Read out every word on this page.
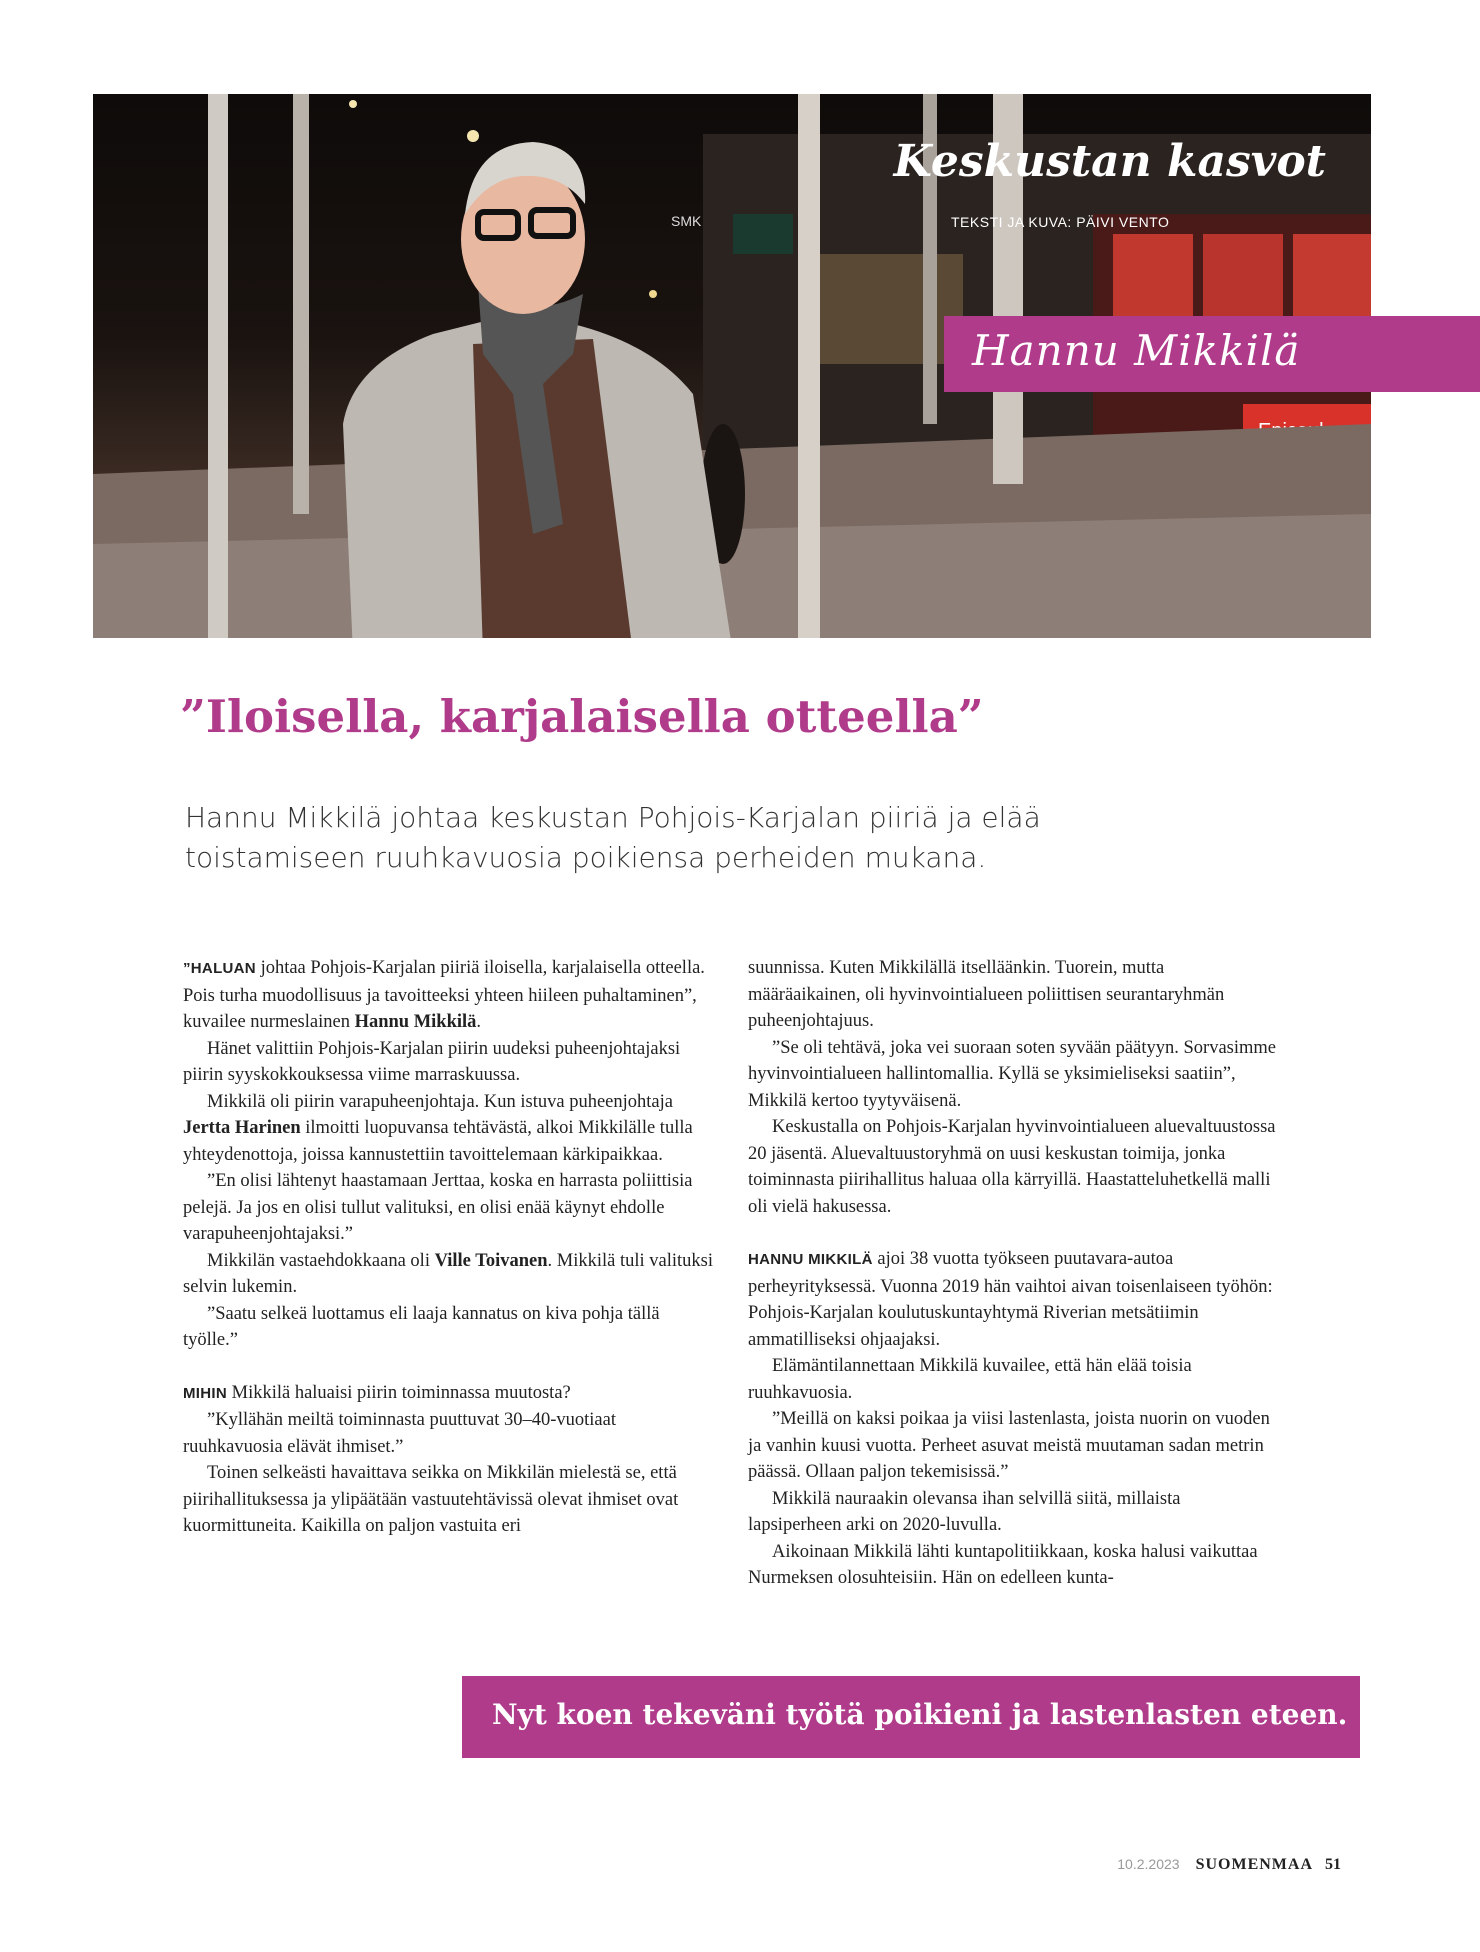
SMK
Keskustan kasvot
TEKSTI JA KUVA: PÄIVI VENTO
Hannu Mikkilä
”Iloisella, karjalaisella otteella”
Hannu Mikkilä johtaa keskustan Pohjois-Karjalan piiriä ja elää toistamiseen ruuhkavuosia poikiensa perheiden mukana.

”HALUAN johtaa Pohjois-Karjalan piiriä iloisella, karjalaisella otteella. Pois turha muodollisuus ja tavoitteeksi yhteen hiileen puhaltaminen”, kuvailee nurmeslainen Hannu Mikkilä.

Hänet valittiin Pohjois-Karjalan piirin uudeksi puheenjohtajaksi piirin syyskokkouksessa viime marraskuussa.

Mikkilä oli piirin varapuheenjohtaja. Kun istuva puheenjohtaja Jertta Harinen ilmoitti luopuvansa tehtävästä, alkoi Mikkilälle tulla yhteydenottoja, joissa kannustettiin tavoittelemaan kärkipaikkaa.

”En olisi lähtenyt haastamaan Jerttaa, koska en harrasta poliittisia pelejä. Ja jos en olisi tullut valituksi, en olisi enää käynyt ehdolle varapuheenjohtajaksi.”

Mikkilän vastaehdokkaana oli Ville Toivanen. Mikkilä tuli valituksi selvin lukemin.

”Saatu selkeä luottamus eli laaja kannatus on kiva pohja tällä työlle.”

MIHIN Mikkilä haluaisi piirin toiminnassa muutosta?

”Kyllähän meiltä toiminnasta puuttuvat 30–40-vuotiaat ruuhkavuosia elävät ihmiset.”

Toinen selkeästi havaittava seikka on Mikkilän mielestä se, että piirihallituksessa ja ylipäätään vastuutehtävissä olevat ihmiset ovat kuormittuneita. Kaikilla on paljon vastuita eri

suunnissa. Kuten Mikkilällä itselläänkin. Tuorein, mutta määräaikainen, oli hyvinvointialueen poliittisen seurantaryhmän puheenjohtajuus.

”Se oli tehtävä, joka vei suoraan soten syvään päätyyn. Sorvasimme hyvinvointialueen hallintomallia. Kyllä se yksimieliseksi saatiin”, Mikkilä kertoo tyytyväisenä.

Keskustalla on Pohjois-Karjalan hyvinvointialueen aluevaltuustossa 20 jäsentä. Aluevaltuustoryhmä on uusi keskustan toimija, jonka toiminnasta piirihallitus haluaa olla kärryillä. Haastatteluhetkellä malli oli vielä hakusessa.

HANNU MIKKILÄ ajoi 38 vuotta työkseen puutavara-autoa perheyrityksessä. Vuonna 2019 hän vaihtoi aivan toisenlaiseen työhön: Pohjois-Karjalan koulutuskuntayhtymä Riverian metsätiimin ammatilliseksi ohjaajaksi.

Elämäntilannettaan Mikkilä kuvailee, että hän elää toisia ruuhkavuosia.

”Meillä on kaksi poikaa ja viisi lastenlasta, joista nuorin on vuoden ja vanhin kuusi vuotta. Perheet asuvat meistä muutaman sadan metrin päässä. Ollaan paljon tekemisissä.”

Mikkilä nauraakin olevansa ihan selvillä siitä, millaista lapsiperheen arki on 2020-luvulla.

Aikoinaan Mikkilä lähti kuntapolitiikkaan, koska halusi vaikuttaa Nurmeksen olosuhteisiin. Hän on edelleen kunta-

Nyt koen tekeväni työtä poikieni ja lastenlasten eteen.
10.2.2023 SUOMENMAA 51
